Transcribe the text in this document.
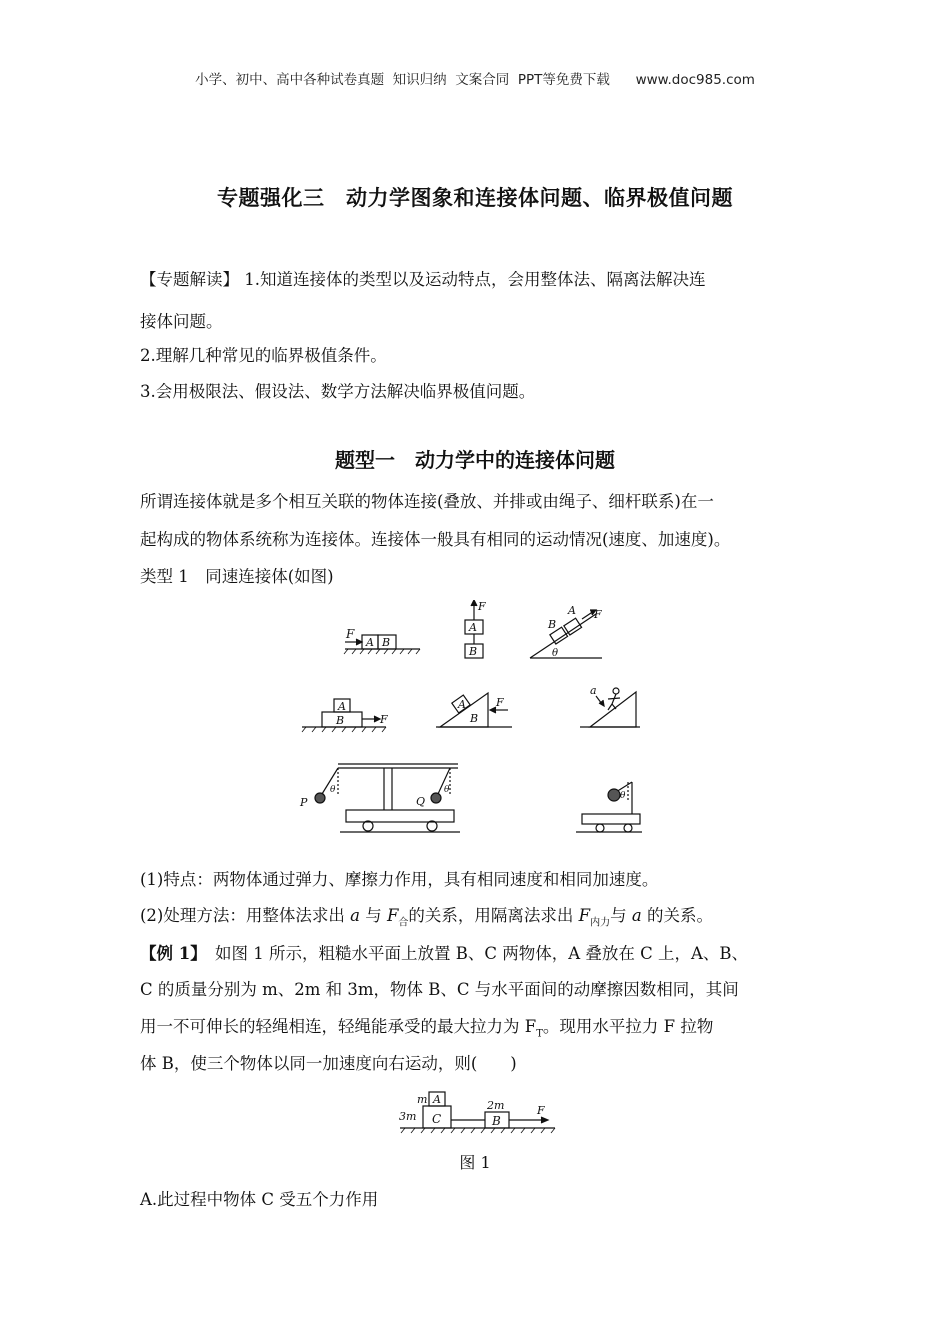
小学、初中、高中各种试卷真题  知识归纳  文案合同  PPT等免费下载      www.doc985.com
专题强化三　动力学图象和连接体问题、临界极值问题
【专题解读】 1.知道连接体的类型以及运动特点，会用整体法、隔离法解决连
接体问题。
2.理解几种常见的临界极值条件。
3.会用极限法、假设法、数学方法解决临界极值问题。
题型一　动力学中的连接体问题
所谓连接体就是多个相互关联的物体连接(叠放、并排或由绳子、细杆联系)在一
起构成的物体系统称为连接体。连接体一般具有相同的运动情况(速度、加速度)。
类型 1　同速连接体(如图)
F
A B
F
A
B
B
A F
θ
A
B	F
A
B
F
a
P	Q
θ	θ
θ
(1)特点：两物体通过弹力、摩擦力作用，具有相同速度和相同加速度。
(2)处理方法：用整体法求出 a 与 $F_合$的关系，用隔离法求出 $F_{内力}$与 a 的关系。
【例 1】　如图 1 所示，粗糙水平面上放置 B、C 两物体，A 叠放在 C 上，A、B、
C 的质量分别为 m、2m 和 3m，物体 B、C 与水平面间的动摩擦因数相同，其间
用一不可伸长的轻绳相连，轻绳能承受的最大拉力为 $F_T$。现用水平拉力 F 拉物
体 B，使三个物体以同一加速度向右运动，则(　　)
m A
3m C
2m
B
F
图 1
A.此过程中物体 C 受五个力作用
